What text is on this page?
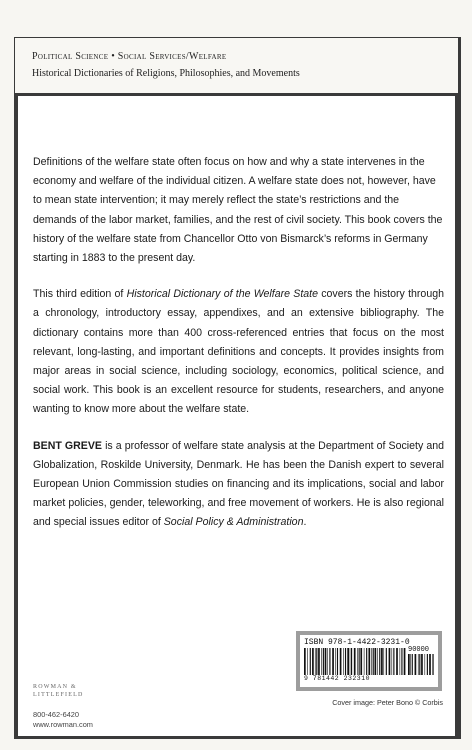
Political Science • Social Services/Welfare
Historical Dictionaries of Religions, Philosophies, and Movements

Definitions of the welfare state often focus on how and why a state intervenes in the economy and welfare of the individual citizen. A welfare state does not, however, have to mean state intervention; it may merely reflect the state’s restrictions and the demands of the labor market, families, and the rest of civil society. This book covers the history of the welfare state from Chancellor Otto von Bismarck’s reforms in Germany starting in 1883 to the present day.

This third edition of Historical Dictionary of the Welfare State covers the history through a chronology, introductory essay, appendixes, and an extensive bibliography. The dictionary contains more than 400 cross-referenced entries that focus on the most relevant, long-lasting, and important definitions and concepts. It provides insights from major areas in social science, including sociology, economics, political science, and social work. This book is an excellent resource for students, researchers, and anyone wanting to know more about the welfare state.

BENT GREVE is a professor of welfare state analysis at the Department of Society and Globalization, Roskilde University, Denmark. He has been the Danish expert to several European Union Commission studies on financing and its implications, social and labor market policies, gender, teleworking, and free movement of workers. He is also regional and special issues editor of Social Policy & Administration.

ROWMAN &
LITTLEFIELD
800-462-6420
www.rowman.com
ISBN 978-1-4422-3231-0
90000
9 781442 232310
Cover image: Peter Bono © Corbis
